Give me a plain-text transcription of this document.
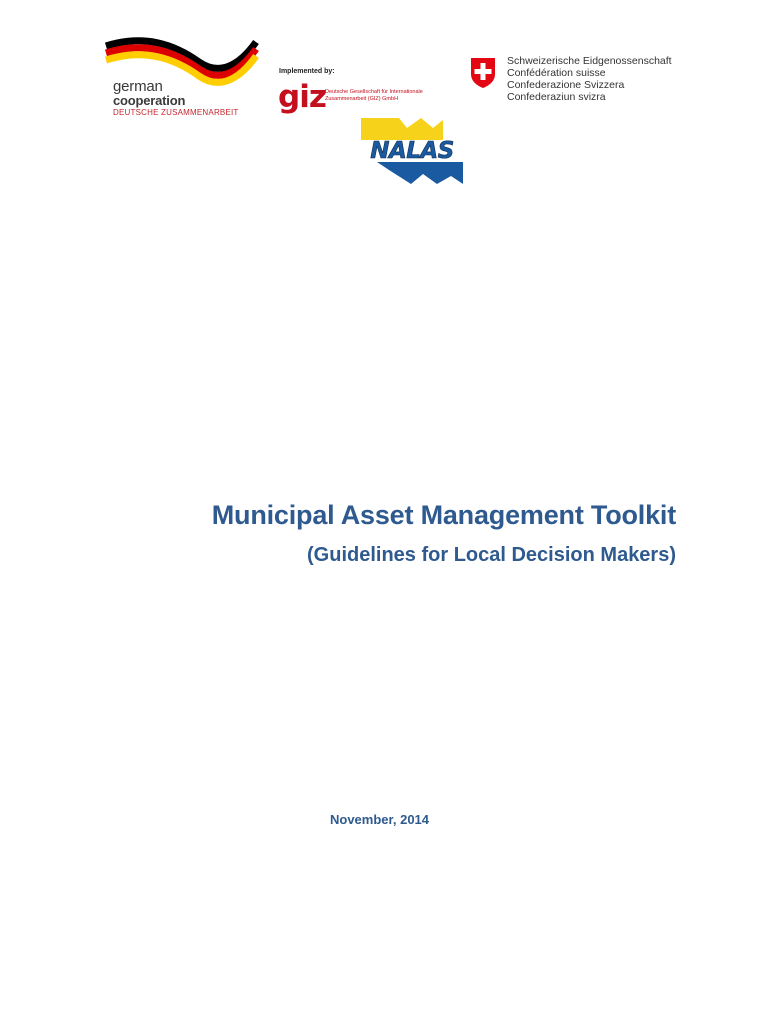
german
cooperation
DEUTSCHE ZUSAMMENARBEIT
Implemented by:
giz Deutsche Gesellschaft für Internationale Zusammenarbeit (GIZ) GmbH
Schweizerische Eidgenossenschaft
Confédération suisse
Confederazione Svizzera
Confederaziun svizra
NALAS
Municipal Asset Management Toolkit
(Guidelines for Local Decision Makers)
November, 2014
